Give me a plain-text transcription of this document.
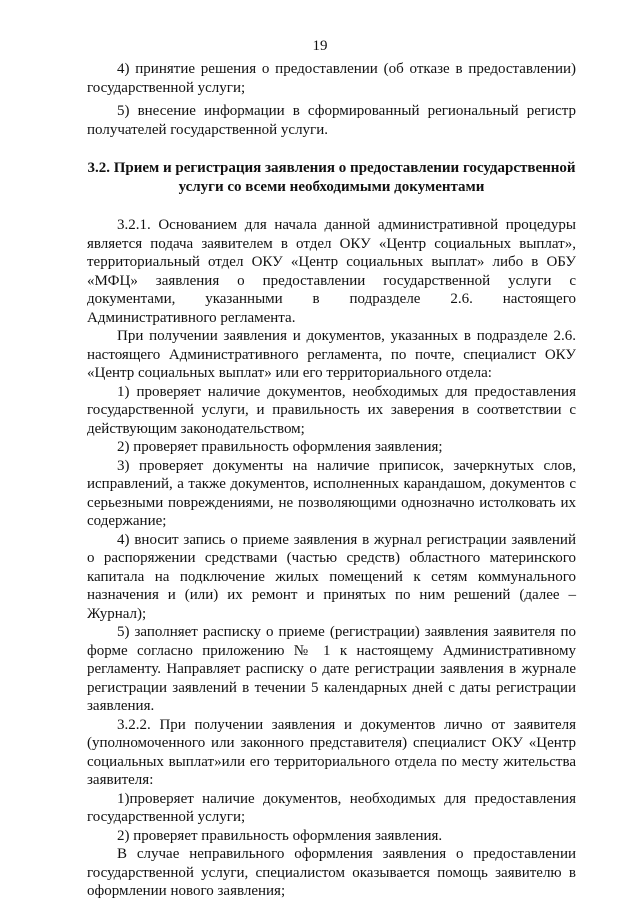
19

4) принятие решения о предоставлении (об отказе в предоставлении) государственной услуги;

5) внесение информации в сформированный региональный регистр получателей государственной услуги.

3.2. Прием и регистрация заявления о предоставлении государственной услуги со всеми необходимыми документами

3.2.1. Основанием для начала данной административной процедуры является подача заявителем в отдел ОКУ «Центр социальных выплат», территориальный отдел ОКУ «Центр социальных выплат» либо в ОБУ «МФЦ» заявления о предоставлении государственной услуги с документами, указанными в подразделе 2.6. настоящего Административного регламента.

При получении заявления и документов, указанных в подразделе 2.6. настоящего Административного регламента, по почте, специалист ОКУ «Центр социальных выплат» или его территориального отдела:

1) проверяет наличие документов, необходимых для предоставления государственной услуги, и правильность их заверения в соответствии с действующим законодательством;

2) проверяет правильность оформления заявления;

3) проверяет документы на наличие приписок, зачеркнутых слов, исправлений, а также документов, исполненных карандашом, документов с серьезными повреждениями, не позволяющими однозначно истолковать их содержание;

4) вносит запись о приеме заявления в журнал регистрации заявлений о распоряжении средствами (частью средств) областного материнского капитала на подключение жилых помещений к сетям коммунального назначения и (или) их ремонт и принятых по ним решений (далее – Журнал);

5) заполняет расписку о приеме (регистрации) заявления заявителя по форме согласно приложению № 1 к настоящему Административному регламенту. Направляет расписку о дате регистрации заявления в журнале регистрации заявлений в течении 5 календарных дней с даты регистрации заявления.

3.2.2. При получении заявления и документов лично от заявителя (уполномоченного или законного представителя) специалист ОКУ «Центр социальных выплат»или его территориального отдела по месту жительства заявителя:

1)проверяет наличие документов, необходимых для предоставления государственной услуги;

2) проверяет правильность оформления заявления.

В случае неправильного оформления заявления о предоставлении государственной услуги, специалистом оказывается помощь заявителю в оформлении нового заявления;
